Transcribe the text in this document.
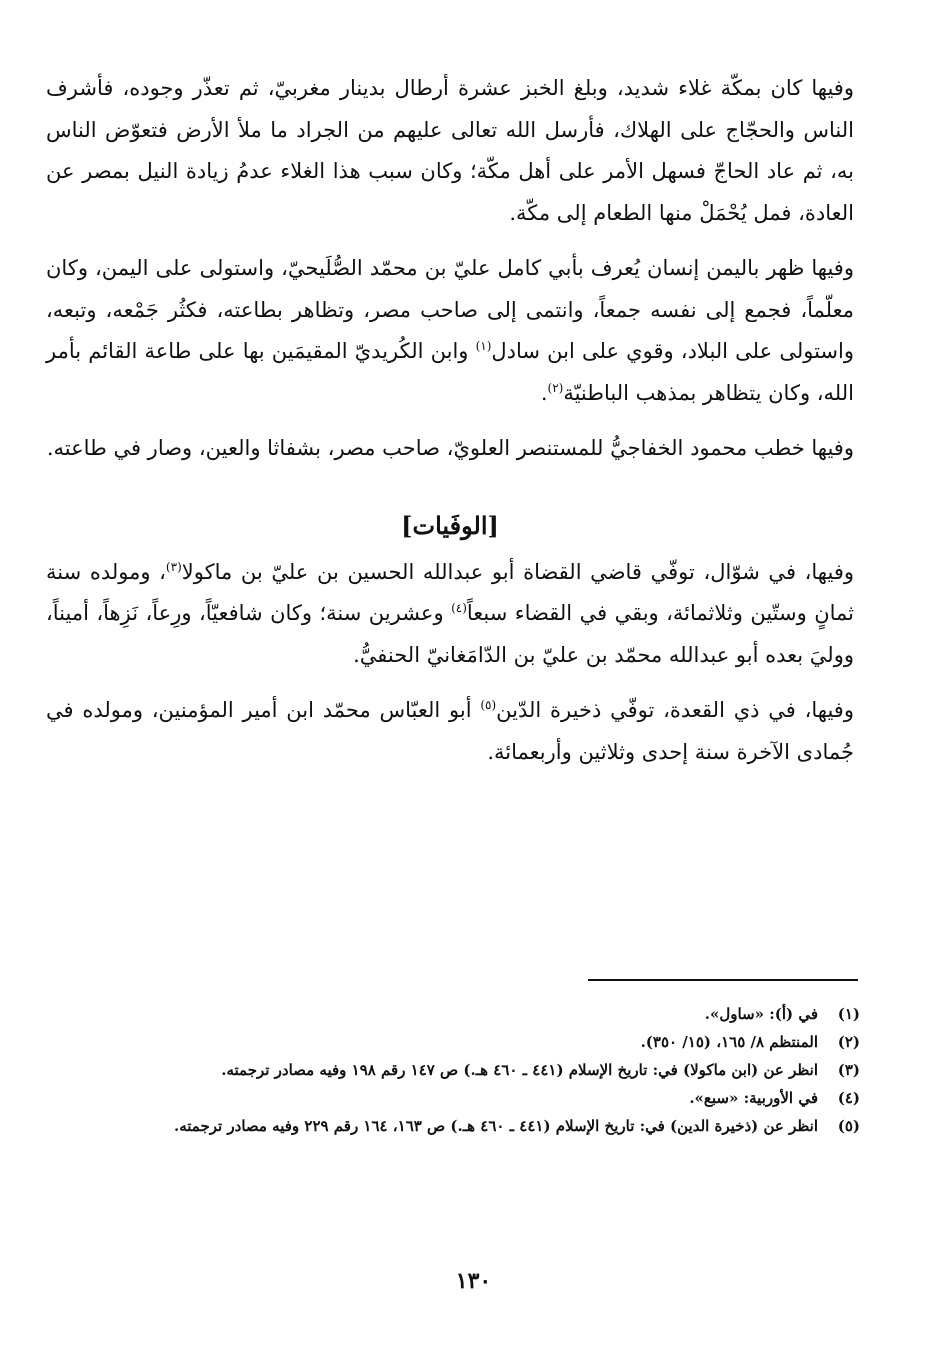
وفيها كان بمكّة غلاء شديد، وبلغ الخبز عشرة أرطال بدينار مغربيّ، ثم تعذّر وجوده، فأشرف الناس والحجّاج على الهلاك، فأرسل الله تعالى عليهم من الجراد ما ملأ الأرض فتعوّض الناس به، ثم عاد الحاجّ فسهل الأمر على أهل مكّة؛ وكان سبب هذا الغلاء عدمُ زيادة النيل بمصر عن العادة، فمل يُحْمَلْ منها الطعام إلى مكّة.

وفيها ظهر باليمن إنسان يُعرف بأبي كامل عليّ بن محمّد الصُّلَيحيّ، واستولى على اليمن، وكان معلّماً، فجمع إلى نفسه جمعاً، وانتمى إلى صاحب مصر، وتظاهر بطاعته، فكثُر جَمْعه، وتبعه، واستولى على البلاد، وقوي على ابن سادل$^{(١)}$ وابن الكُريديّ المقيمَين بها على طاعة القائم بأمر الله، وكان يتظاهر بمذهب الباطنيّة$^{(٢)}$.

وفيها خطب محمود الخفاجيُّ للمستنصر العلويّ، صاحب مصر، بشفاثا والعين، وصار في طاعته.

[الوفَيات]

وفيها، في شوّال، توفّي قاضي القضاة أبو عبدالله الحسين بن عليّ بن ماكولا$^{(٣)}$، ومولده سنة ثمانٍ وستّين وثلاثمائة، وبقي في القضاء سبعاً$^{(٤)}$ وعشرين سنة؛ وكان شافعيّاً، ورِعاً، نَزِهاً، أميناً، ووليَ بعده أبو عبدالله محمّد بن عليّ بن الدّامَغانيّ الحنفيُّ.

وفيها، في ذي القعدة، توفّي ذخيرة الدّين$^{(٥)}$ أبو العبّاس محمّد ابن أمير المؤمنين، ومولده في جُمادى الآخرة سنة إحدى وثلاثين وأربعمائة.

(١)
في (أ): «ساول».
(٢)
المنتظم ٨/ ١٦٥، (١٥/ ٣٥٠).
(٣)
انظر عن (ابن ماكولا) في: تاريخ الإسلام (٤٤١ ـ ٤٦٠ هـ.) ص ١٤٧ رقم ١٩٨ وفيه مصادر ترجمته.
(٤)
في الأوربية: «سبع».
(٥)
انظر عن (ذخيرة الدين) في: تاريخ الإسلام (٤٤١ ـ ٤٦٠ هـ.) ص ١٦٣، ١٦٤ رقم ٢٢٩ وفيه مصادر ترجمته.
١٣٠
